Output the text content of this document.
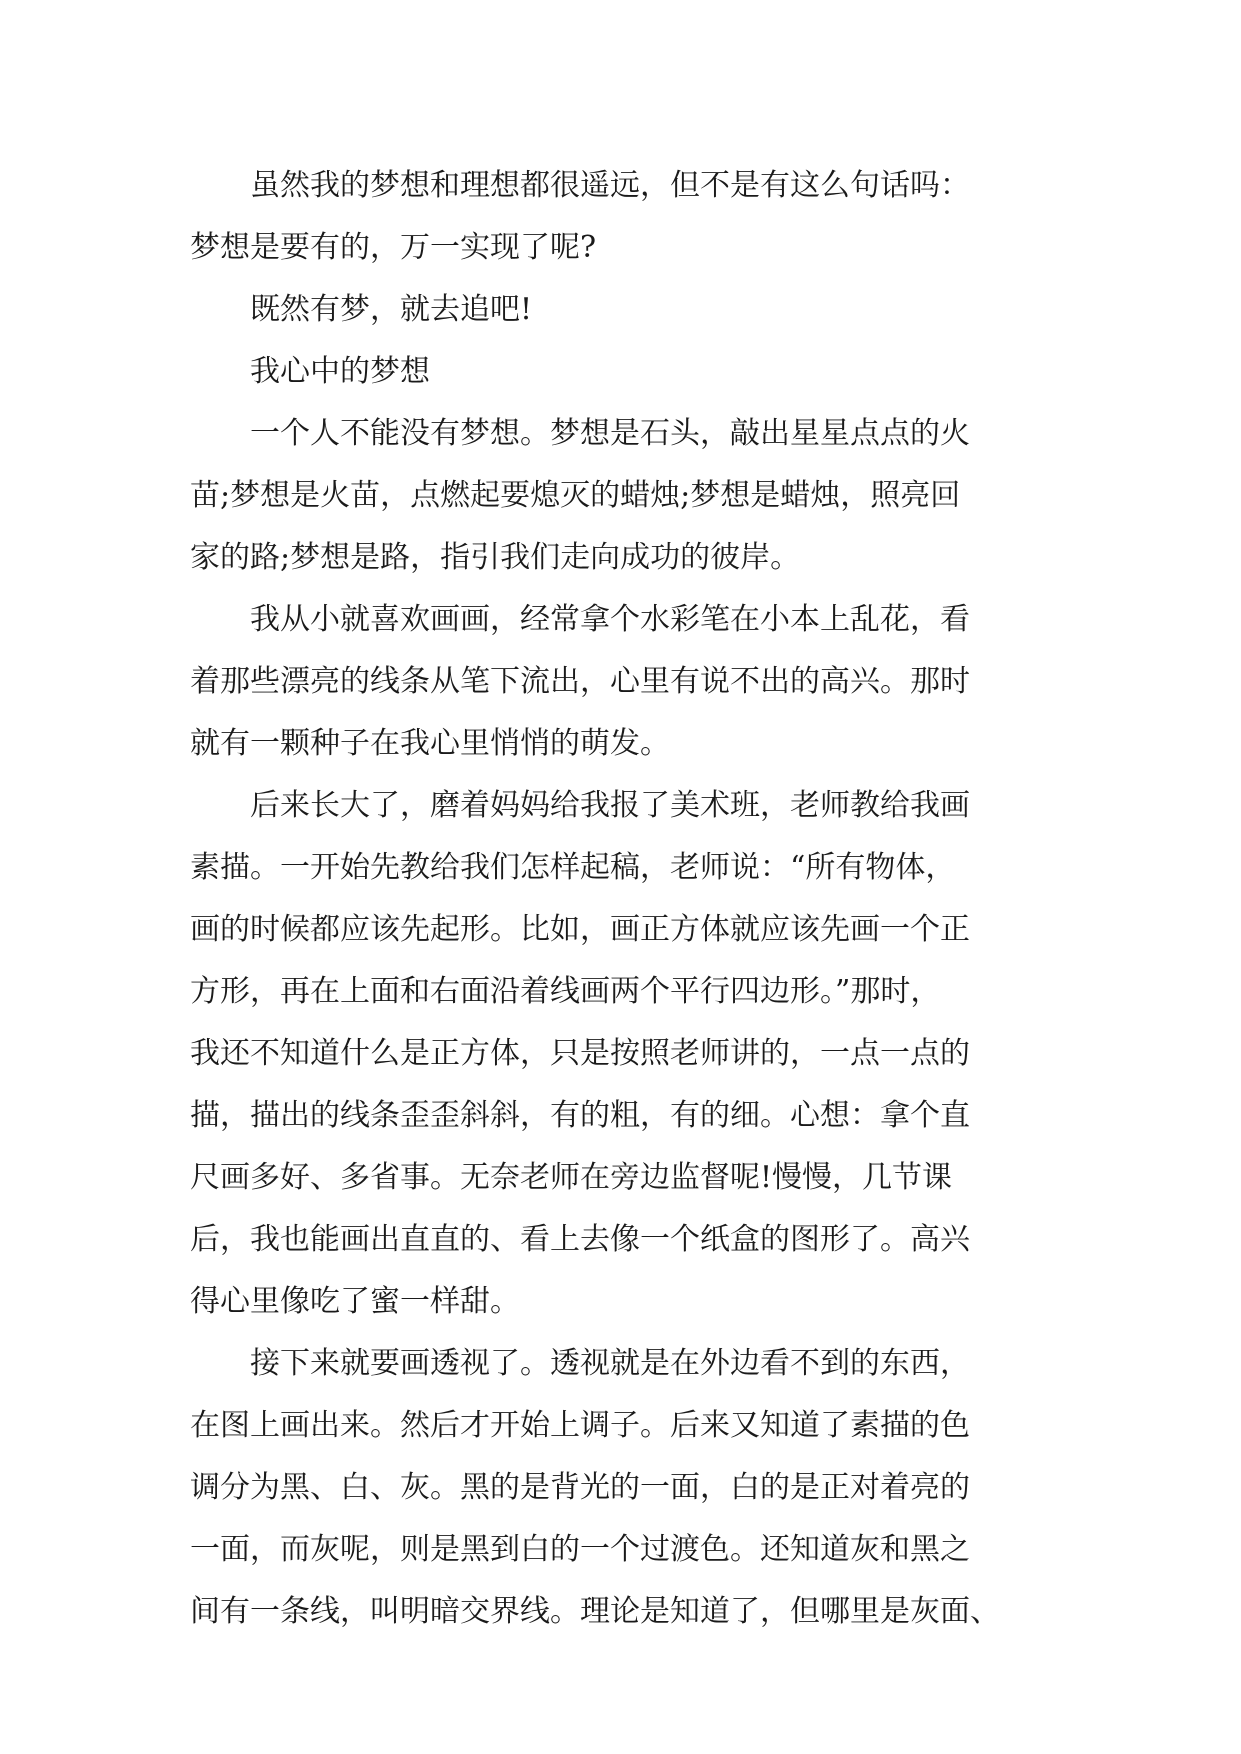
　　虽然我的梦想和理想都很遥远，但不是有这么句话吗：

梦想是要有的，万一实现了呢?

　　既然有梦，就去追吧!

　　我心中的梦想

　　一个人不能没有梦想。梦想是石头，敲出星星点点的火

苗;梦想是火苗，点燃起要熄灭的蜡烛;梦想是蜡烛，照亮回

家的路;梦想是路，指引我们走向成功的彼岸。

　　我从小就喜欢画画，经常拿个水彩笔在小本上乱花，看

着那些漂亮的线条从笔下流出，心里有说不出的高兴。那时

就有一颗种子在我心里悄悄的萌发。

　　后来长大了，磨着妈妈给我报了美术班，老师教给我画

素描。一开始先教给我们怎样起稿，老师说：“所有物体，

画的时候都应该先起形。比如，画正方体就应该先画一个正

方形，再在上面和右面沿着线画两个平行四边形。”那时，

我还不知道什么是正方体，只是按照老师讲的，一点一点的

描，描出的线条歪歪斜斜，有的粗，有的细。心想：拿个直

尺画多好、多省事。无奈老师在旁边监督呢!慢慢，几节课

后，我也能画出直直的、看上去像一个纸盒的图形了。高兴

得心里像吃了蜜一样甜。

　　接下来就要画透视了。透视就是在外边看不到的东西，

在图上画出来。然后才开始上调子。后来又知道了素描的色

调分为黑、白、灰。黑的是背光的一面，白的是正对着亮的

一面，而灰呢，则是黑到白的一个过渡色。还知道灰和黑之

间有一条线，叫明暗交界线。理论是知道了，但哪里是灰面、
